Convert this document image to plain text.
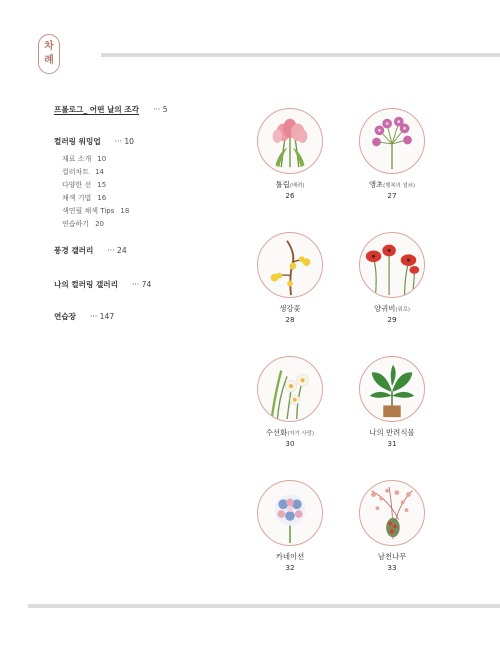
차
례
프롤로그_ 어떤 날의 조각	··· 5
컬러링 워밍업	··· 10
재료 소개 10
컬러차트 14
다양한 선 15
채색 기법 16
색연필 채색 Tips 18
연습하기 20
풍경 갤러리	··· 24
나의 컬러링 갤러리	··· 74
연습장	··· 147
튤립(배려)
26
앵초(행복의 열쇠)
27
생강꽃
28
양귀비(위로)
29
수선화(자기 사랑)
30
나의 반려식물
31
카네이션
32
남천나무
33
